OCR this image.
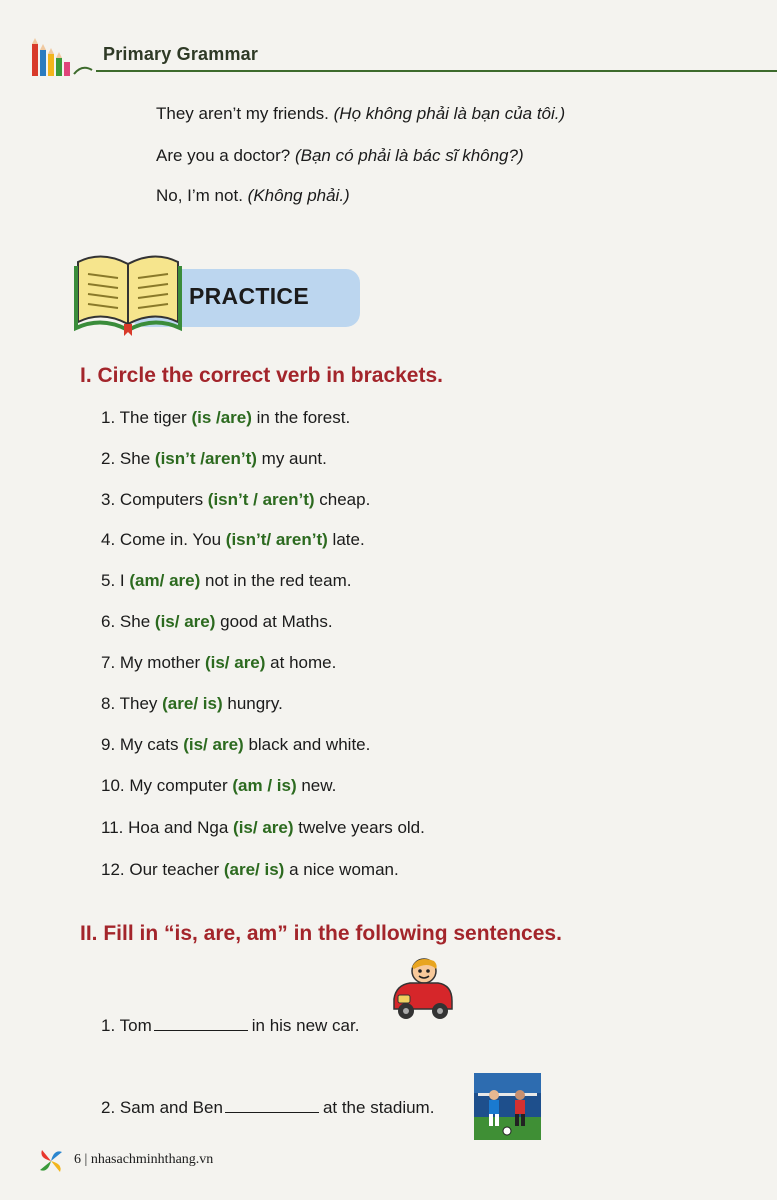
Primary Grammar
They aren’t my friends. (Họ không phải là bạn của tôi.)
Are you a doctor? (Bạn có phải là bác sĩ không?)
No, I’m not. (Không phải.)
PRACTICE
I. Circle the correct verb in brackets.
1. The tiger (is /are) in the forest.
2. She (isn’t /aren’t) my aunt.
3. Computers (isn’t / aren’t) cheap.
4. Come in. You (isn’t/ aren’t) late.
5. I (am/ are) not in the red team.
6. She (is/ are) good at Maths.
7. My mother (is/ are) at home.
8. They (are/ is) hungry.
9. My cats (is/ are) black and white.
10. My computer (am / is) new.
11. Hoa and Nga (is/ are) twelve years old.
12. Our teacher (are/ is) a nice woman.
II. Fill in “is, are, am” in the following sentences.
1. Tom	in his new car.
2. Sam and Ben	at the stadium.
6 | nhasachminhthang.vn
